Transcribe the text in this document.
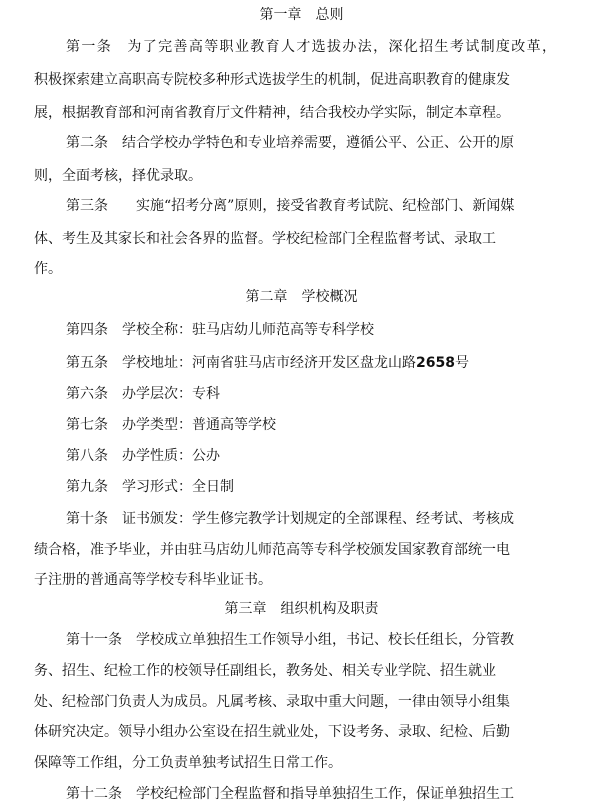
第一章　总则
第一条　为了完善高等职业教育人才选拔办法，深化招生考试制度改革，
积极探索建立高职高专院校多种形式选拔学生的机制，促进高职教育的健康发
展，根据教育部和河南省教育厅文件精神，结合我校办学实际，制定本章程。
第二条　结合学校办学特色和专业培养需要，遵循公平、公正、公开的原
则，全面考核，择优录取。
第三条　　实施“招考分离”原则，接受省教育考试院、纪检部门、新闻媒
体、考生及其家长和社会各界的监督。学校纪检部门全程监督考试、录取工
作。
第二章　学校概况
第四条　学校全称：驻马店幼儿师范高等专科学校
第五条　学校地址：河南省驻马店市经济开发区盘龙山路2658号
第六条　办学层次：专科
第七条　办学类型：普通高等学校
第八条　办学性质：公办
第九条　学习形式：全日制
第十条　证书颁发：学生修完教学计划规定的全部课程、经考试、考核成
绩合格，准予毕业，并由驻马店幼儿师范高等专科学校颁发国家教育部统一电
子注册的普通高等学校专科毕业证书。
第三章　组织机构及职责
第十一条　学校成立单独招生工作领导小组，书记、校长任组长，分管教
务、招生、纪检工作的校领导任副组长，教务处、相关专业学院、招生就业
处、纪检部门负责人为成员。凡属考核、录取中重大问题，一律由领导小组集
体研究决定。领导小组办公室设在招生就业处，下设考务、录取、纪检、后勤
保障等工作组，分工负责单独考试招生日常工作。
第十二条　学校纪检部门全程监督和指导单独招生工作，保证单独招生工
